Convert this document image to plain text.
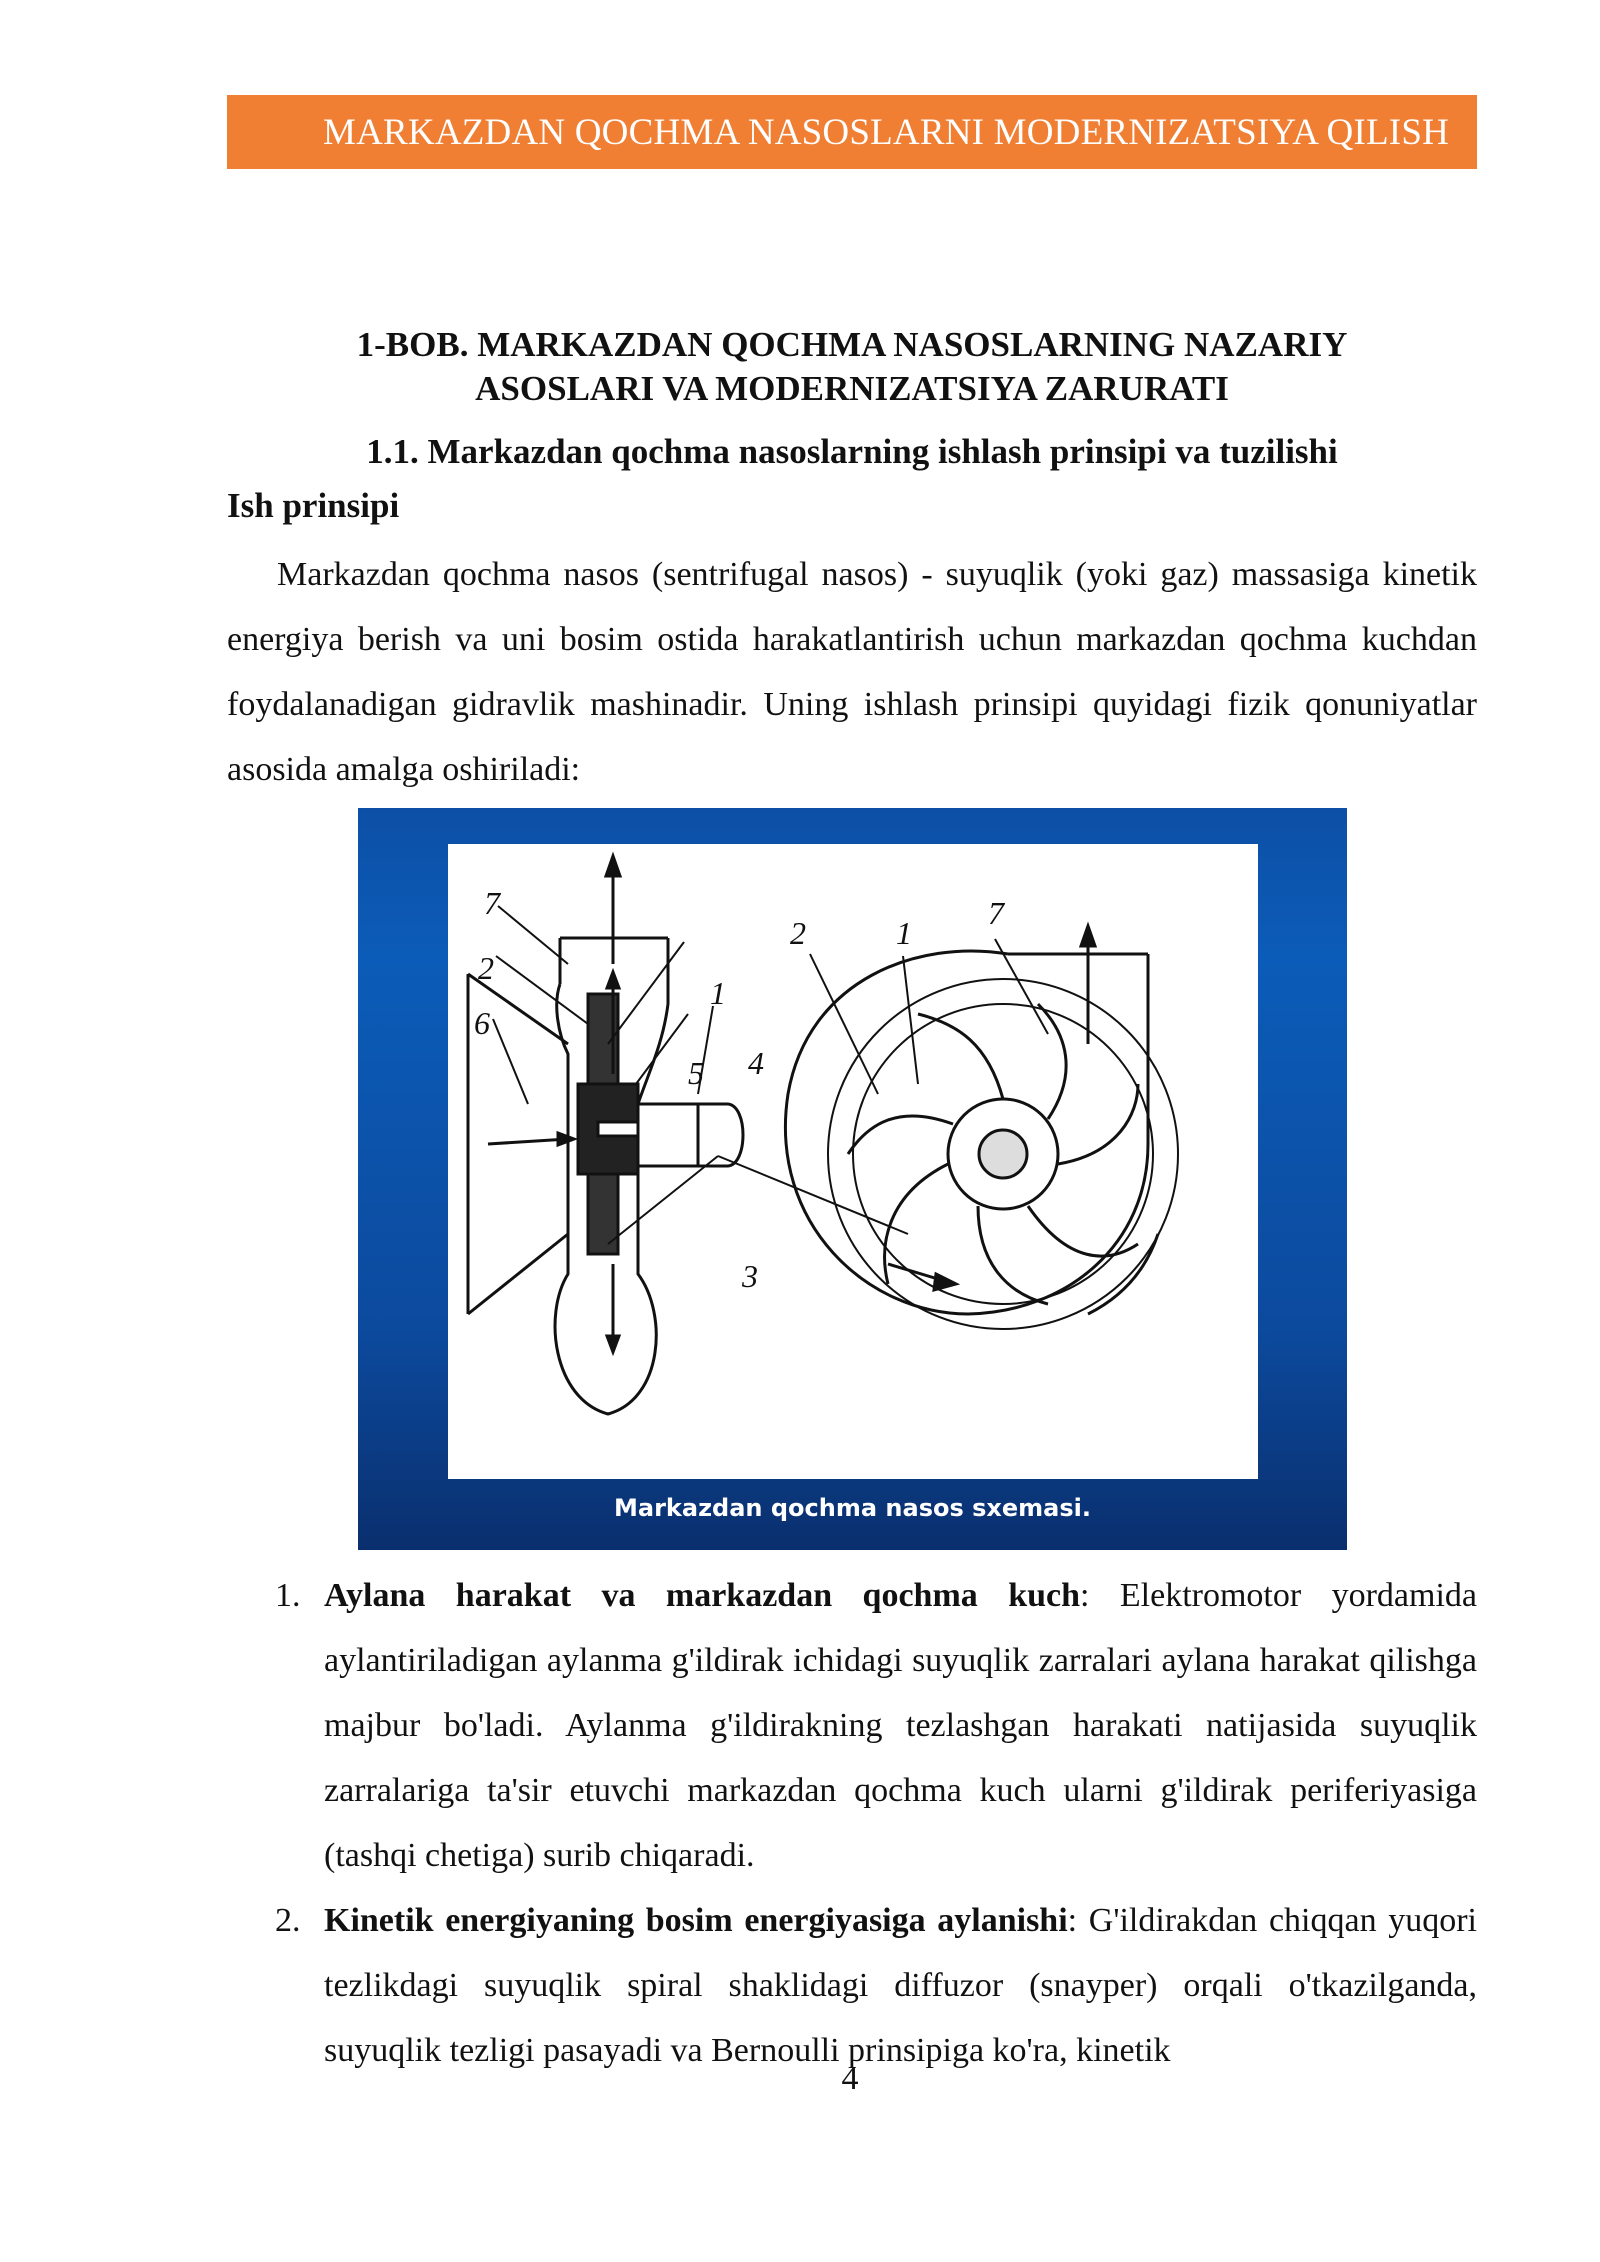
MARKAZDAN QOCHMA NASOSLARNI MODERNIZATSIYA QILISH
1-BOB. MARKAZDAN QOCHMA NASOSLARNING NAZARIY
ASOSLARI VA MODERNIZATSIYA ZARURATI
1.1. Markazdan qochma nasoslarning ishlash prinsipi va tuzilishi
Ish prinsipi
Markazdan qochma nasos (sentrifugal nasos) - suyuqlik (yoki gaz) massasiga kinetik energiya berish va uni bosim ostida harakatlantirish uchun markazdan qochma kuchdan foydalanadigan gidravlik mashinadir. Uning ishlash prinsipi quyidagi fizik qonuniyatlar asosida amalga oshiriladi:
7
2
6
1
5 4
3
2	1
7
Markazdan qochma nasos sxemasi.
1. Aylana harakat va markazdan qochma kuch: Elektromotor yordamida aylantiriladigan aylanma g'ildirak ichidagi suyuqlik zarralari aylana harakat qilishga majbur bo'ladi. Aylanma g'ildirakning tezlashgan harakati natijasida suyuqlik zarralariga ta'sir etuvchi markazdan qochma kuch ularni g'ildirak periferiyasiga (tashqi chetiga) surib chiqaradi.
2. Kinetik energiyaning bosim energiyasiga aylanishi: G'ildirakdan chiqqan yuqori tezlikdagi suyuqlik spiral shaklidagi diffuzor (snayper) orqali o'tkazilganda, suyuqlik tezligi pasayadi va Bernoulli prinsipiga ko'ra, kinetik
4
